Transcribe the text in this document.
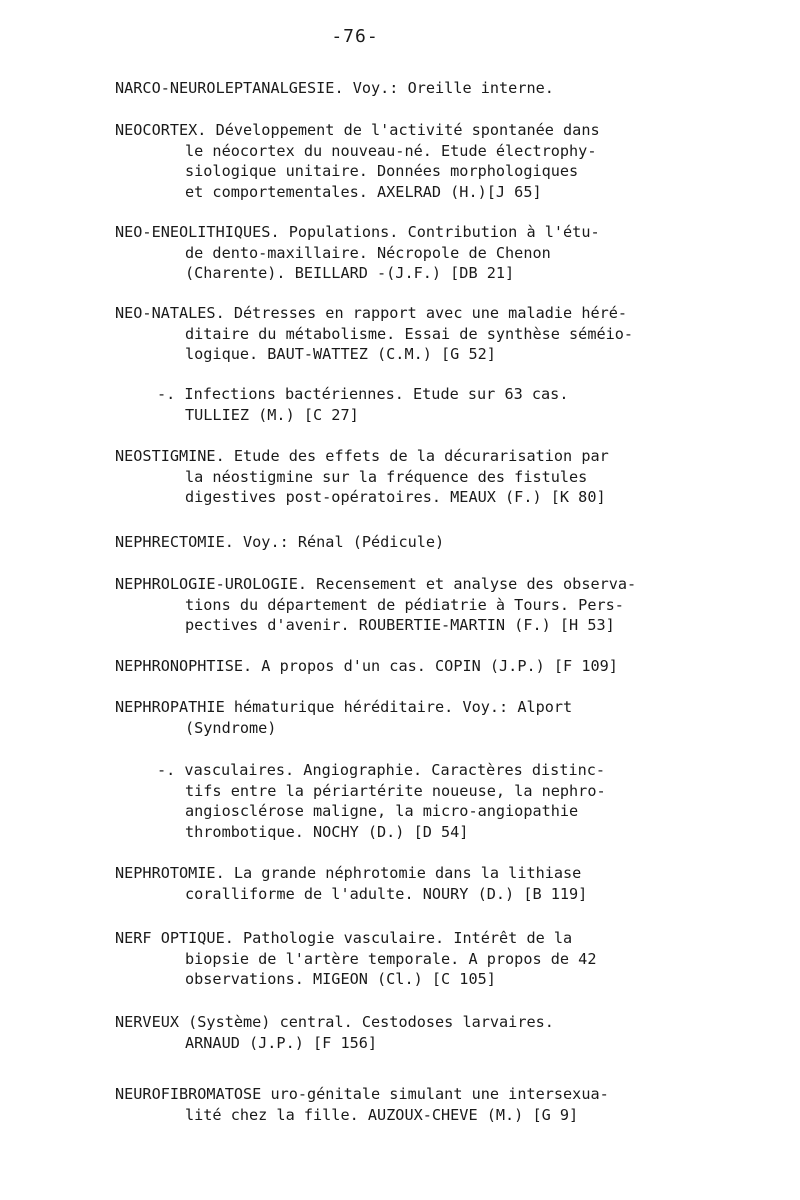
-76-
NARCO-NEUROLEPTANALGESIE. Voy.: Oreille interne.
NEOCORTEX. Développement de l'activité spontanée dans
le néocortex du nouveau-né. Etude électrophy-
siologique unitaire. Données morphologiques
et comportementales. AXELRAD (H.)[J 65]
NEO-ENEOLITHIQUES. Populations. Contribution à l'étu-
de dento-maxillaire. Nécropole de Chenon
(Charente). BEILLARD -(J.F.) [DB 21]
NEO-NATALES. Détresses en rapport avec une maladie héré-
ditaire du métabolisme. Essai de synthèse séméio-
logique. BAUT-WATTEZ (C.M.) [G 52]
-. Infections bactériennes. Etude sur 63 cas.
TULLIEZ (M.) [C 27]
NEOSTIGMINE. Etude des effets de la décurarisation par
la néostigmine sur la fréquence des fistules
digestives post-opératoires. MEAUX (F.) [K 80]
NEPHRECTOMIE. Voy.: Rénal (Pédicule)
NEPHROLOGIE-UROLOGIE. Recensement et analyse des observa-
tions du département de pédiatrie à Tours. Pers-
pectives d'avenir. ROUBERTIE-MARTIN (F.) [H 53]
NEPHRONOPHTISE. A propos d'un cas. COPIN (J.P.) [F 109]
NEPHROPATHIE hématurique héréditaire. Voy.: Alport
(Syndrome)
-. vasculaires. Angiographie. Caractères distinc-
tifs entre la périartérite noueuse, la nephro-
angiosclérose maligne, la micro-angiopathie
thrombotique. NOCHY (D.) [D 54]
NEPHROTOMIE. La grande néphrotomie dans la lithiase
coralliforme de l'adulte. NOURY (D.) [B 119]
NERF OPTIQUE. Pathologie vasculaire. Intérêt de la
biopsie de l'artère temporale. A propos de 42
observations. MIGEON (Cl.) [C 105]
NERVEUX (Système) central. Cestodoses larvaires.
ARNAUD (J.P.) [F 156]
NEUROFIBROMATOSE uro-génitale simulant une intersexua-
lité chez la fille. AUZOUX-CHEVE (M.) [G 9]
